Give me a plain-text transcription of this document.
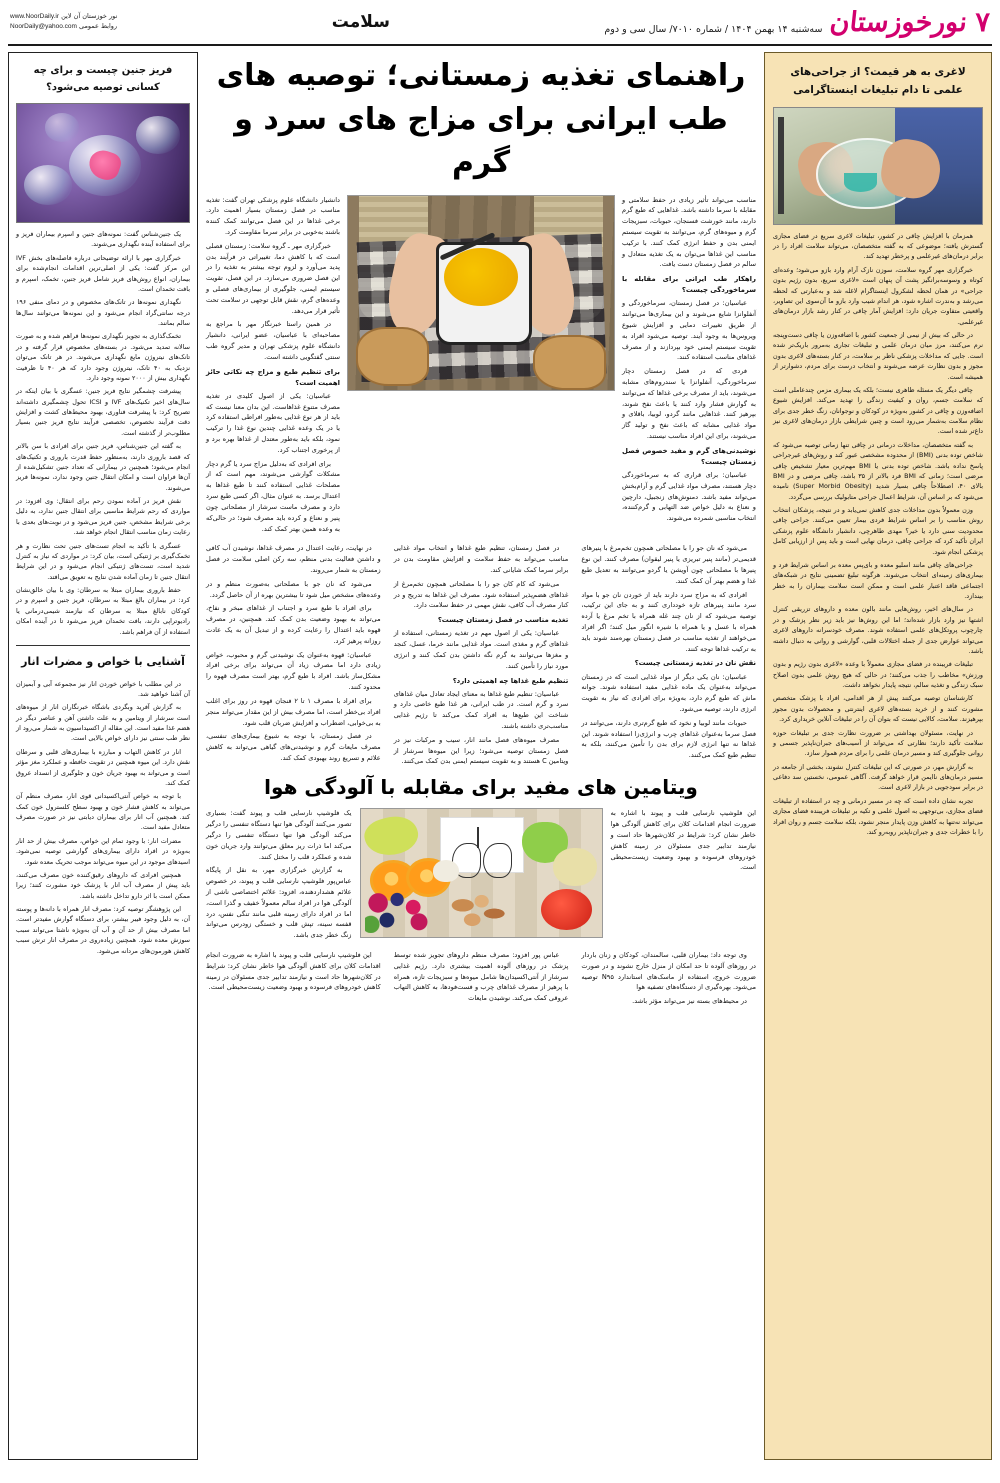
۷
نورخوزستان
سه‌شنبه ۱۴ بهمن ۱۴۰۴ / شماره ۷۰۱۰/ سال سی و دوم
سلامت
نور خوزستان آن لاین www.NoorDaily.ir
روابط عمومی NoorDaily@yahoo.com
لاغری به هر قیمت؟ از جراحی‌های علمی تا دام تبلیغات اینستاگرامی

همزمان با افزایش چاقی در کشور، تبلیغات لاغری سریع در فضای مجازی گسترش یافته؛ موضوعی که به گفته متخصصان، می‌تواند سلامت افراد را در برابر درمان‌های غیرعلمی و پرخطر تهدید کند.

خبرگزاری مهر گروه سلامت، سوزن نازک آرام وارد بازو می‌شود؛ وعده‌ای کوتاه و وسوسه‌برانگیز پشت آن پنهان است «لاغری سریع، بدون رژیم بدون جراحی» در همان لحظه لشکرول اینستاگرام لاغله شد و به‌عبارتی که لحظه می‌رشد و به‌ندرت اشاره شود، هر اندام شیب وارد بازو ما آن‌سوی این تصاویر، واقعیتی متفاوت جریان دارد: افزایش آمار چاقی در کنار رشد بازار درمان‌های غیرعلمی.

در حالی که بیش از نیمی از جمعیت کشور با اضافه‌وزن یا چاقی دست‌وپنجه نرم می‌کنند، مرز میان درمان علمی و تبلیغات تجاری به‌مرور باریک‌تر شده است. جایی که مداخلات پزشکی ناظر بر سلامت، در کنار بسته‌های لاغری بدون مجوز و بدون نظارت عرضه می‌شوند و انتخاب درست برای مردم، دشوارتر از همیشه است.

چاقی دیگر یک مسئله ظاهری نیست؛ بلکه یک بیماری مزمن چندعاملی است که سلامت جسم، روان و کیفیت زندگی را تهدید می‌کند. افزایش شیوع اضافه‌وزن و چاقی در کشور به‌ویژه در کودکان و نوجوانان، زنگ خطر جدی برای نظام سلامت به‌شمار می‌رود است و چنین شرایطی بازار درمان‌های لاغری نیز داغ‌تر شده است.

به گفته متخصصان، مداخلات درمانی در چاقی تنها زمانی توصیه می‌شود که شاخص توده بدنی (BMI) از محدوده مشخصی عبور کند و روش‌های غیرجراحی پاسخ نداده باشد. شاخص توده بدنی یا BMI مهم‌ترین معیار تشخیص چاقی مرضی است؛ زمانی که BMI فرد بالاتر از ۳۵ باشد، چاقی مرضی و در BMI بالای ۴۰، اصطلاحاً چاقی بسیار شدید (Super Morbid Obesity) نامیده می‌شود که بر اساس آن، شرایط اعمال جراحی متابولیک بررسی می‌گردد.

وزن معمولاً بدون مداخلات جدی کاهش نمی‌یابد و در نتیجه، پزشکان انتخاب روش مناسب را بر اساس شرایط فردی بیمار تعیین می‌کنند. جراحی چاقی محدودیت سنی دارد یا خیر؟ مهدی طاهرچی، دانشیار دانشگاه علوم پزشکی ایران تأکید کرد که جراحی چاقی، درمان نهایی است و باید پس از ارزیابی کامل پزشکی انجام شود.

جراحی‌های چاقی مانند اسلیو معده و بای‌پس معده بر اساس شرایط فرد و بیماری‌های زمینه‌ای انتخاب می‌شوند. هرگونه تبلیغ تضمینی نتایج در شبکه‌های اجتماعی فاقد اعتبار علمی است و ممکن است سلامت بیماران را به خطر بیندازد.

در سال‌های اخیر، روش‌هایی مانند بالون معده و داروهای تزریقی کنترل اشتها نیز وارد بازار شده‌اند؛ اما این روش‌ها نیز باید زیر نظر پزشک و در چارچوب پروتکل‌های علمی استفاده شوند. مصرف خودسرانه داروهای لاغری می‌تواند عوارض جدی از جمله اختلالات قلبی، گوارشی و روانی به دنبال داشته باشد.

تبلیغات فریبنده در فضای مجازی معمولاً با وعده «لاغری بدون رژیم و بدون ورزش» مخاطب را جذب می‌کنند؛ در حالی که هیچ روش علمی بدون اصلاح سبک زندگی و تغذیه سالم، نتیجه پایدار نخواهد داشت.

کارشناسان توصیه می‌کنند پیش از هر اقدامی، افراد با پزشک متخصص مشورت کنند و از خرید بسته‌های لاغری اینترنتی و محصولات بدون مجوز بپرهیزند. سلامت، کالایی نیست که بتوان آن را در تبلیغات آنلاین خریداری کرد.

در نهایت، مسئولان بهداشتی بر ضرورت نظارت جدی بر تبلیغات حوزه سلامت تأکید دارند؛ نظارتی که می‌تواند از آسیب‌های جبران‌ناپذیر جسمی و روانی جلوگیری کند و مسیر درمان علمی را برای مردم هموار سازد.

به گزارش مهر، در صورتی که این تبلیغات کنترل نشوند، بخشی از جامعه در مسیر درمان‌های ناایمن قرار خواهد گرفت. آگاهی عمومی، نخستین سد دفاعی در برابر سودجویی در بازار لاغری است.

تجربه نشان داده است که چه در مسیر درمانی و چه در استفاده از تبلیغات فضای مجازی، بی‌توجهی به اصول علمی و تکیه بر تبلیغات فریبنده فضای مجازی می‌تواند نه‌تنها به کاهش وزن پایدار منجر نشود، بلکه سلامت جسم و روان افراد را با خطرات جدی و جبران‌ناپذیر روبه‌رو کند.

راهنمای تغذیه زمستانی؛ توصیه های طب ایرانی برای مزاج های سرد و گرم

مناسب می‌تواند تأثیر زیادی در حفظ سلامتی و مقابله با سرما داشته باشد. غذاهایی که طبع گرم دارند، مانند خورشت فسنجان، حبوبات، سبزیجات گرم و میوه‌های گرم، می‌توانند به تقویت سیستم ایمنی بدن و حفظ انرژی کمک کنند. با ترکیب مناسب این غذاها می‌توان به یک تغذیه متعادل و سالم در فصل زمستان دست یافت.

راهکار طب ایرانی برای مقابله با سرماخوردگی چیست؟

عباسیان: در فصل زمستان، سرماخوردگی و آنفلوانزا شایع می‌شوند و این بیماری‌ها می‌توانند از طریق تغییرات دمایی و افزایش شیوع ویروس‌ها به وجود آیند. توصیه می‌شود افراد به تقویت سیستم ایمنی خود بپردازند و از مصرف غذاهای مناسب استفاده کنند.

فردی که در فصل زمستان دچار سرماخوردگی، آنفلوانزا یا سندروم‌های مشابه می‌شوند، باید از مصرف برخی غذاها که می‌توانند به گوارش فشار وارد کنند یا باعث نفخ شوند، بپرهیز کنند. غذاهایی مانند گردو، لوبیا، باقلای و مواد غذایی مشابه که باعث نفخ و تولید گاز می‌شوند، برای این افراد مناسب نیستند.

نوشیدنی‌های گرم و مفید خصوص فصل زمستان چیست؟

عباسیان: برای قراری که به سرماخوردگی دچار هستند، مصرف مواد غذایی گرم و آرام‌بخش می‌تواند مفید باشد. دمنوش‌های زنجبیل، دارچین و نعناع به دلیل خواص ضد التهابی و گرم‌کننده، انتخاب مناسبی شمرده می‌شوند.

دانشیار دانشگاه علوم پزشکی تهران گفت: تغذیه مناسب در فصل زمستان بسیار اهمیت دارد. برخی غذاها در این فصل می‌توانند کمک کننده باشند به‌خوبی در برابر سرما مقاومت کرد.

خبرگزاری مهر ـ گروه سلامت: زمستان فصلی است که با کاهش دما، تغییراتی در فرآیند بدن پدید می‌آورد و لزوم توجه بیشتر به تغذیه را در این فصل ضروری می‌سازد. در این فصل، تقویت سیستم ایمنی، جلوگیری از بیماری‌های فصلی و وعده‌های گرم، نقش قابل توجهی در سلامت تحت تأثیر قرار می‌دهد.

در همین راستا خبرنگار مهر با مراجع به مصاحبه‌ای با عباسیان، عضو ایرانی، دانشیار دانشگاه علوم پزشکی تهران و مدیر گروه طب سنتی گفتگویی داشته است.

برای تنظیم طبع و مزاج چه نکاتی حائز اهمیت است؟

عباسیان: یکی از اصول کلیدی در تغذیه مصرف متنوع غذاهاست. این بدان معنا نیست که باید از هر نوع غذایی به‌طور افراطی استفاده کرد یا در یک وعده غذایی چندین نوع غذا را ترکیب نمود، بلکه باید به‌طور معتدل از غذاها بهره برد و از پرخوری اجتناب کرد.

برای افرادی که به‌دلیل مزاج سرد یا گرم دچار مشکلات گوارشی می‌شوند، مهم است که از مصلحات غذایی استفاده کنند تا طبع غذاها به اعتدال برسد. به عنوان مثال، اگر کسی طبع سرد دارد و مصرف ماست سرشار از مصلحاتی چون پنیر و نعناع و کرده باید مصرف شود؛ در حالی‌که به وعده همین بهتر کمک کند.

می‌شود که نان جو را با مصلحاتی همچون تخم‌مرغ با پنیرهای قدیمی‌تر (مانند پنیر تبریزی یا پنیر لیقوان) مصرف کنند. این نوع پنیرها با مصلحاتی چون آویشن یا گردو می‌توانند به تعدیل طبع غذا و هضم بهتر آن کمک کنند.

افرادی که به مزاج سرد دارند باید از خوردن نان جو با مواد سرد مانند پنیرهای تازه خودداری کنند و به جای این ترکیب، توصیه می‌شود که از نان چند غله همراه با تخم مرغ یا آرده همراه با عسل و یا همراه با شیره انگور میل کنند؛ اگر افراد می‌خواهند از تغذیه مناسب در فصل زمستان بهره‌مند شوند باید به ترکیب غذاها توجه کنند.

نقش نان در تغذیه زمستانی چیست؟

عباسیان: نان یکی دیگر از مواد غذایی است که در زمستان می‌تواند به‌عنوان یک ماده غذایی مفید استفاده شوند. جوانه ماش که طبع گرم دارد، به‌ویژه برای افرادی که نیاز به تقویت انرژی دارند، توصیه می‌شود.

حبوبات مانند لوبیا و نخود که طبع گرم‌تری دارند، می‌توانند در فصل سرما به‌عنوان غذاهای چرب و انرژی‌زا استفاده شوند. این غذاها نه تنها انرژی لازم برای بدن را تأمین می‌کنند، بلکه به تنظیم طبع کمک می‌کنند.

در فصل زمستان، تنظیم طبع غذاها و انتخاب مواد غذایی مناسب می‌تواند به حفظ سلامت و افزایش مقاومت بدن در برابر سرما کمک شایانی کند.

می‌شود که کام کان جو را با مصلحاتی همچون تخم‌مرغ از غذاهای هضم‌پذیر استفاده شود. مصرف این غذاها به تدریج و در کنار مصرف آب کافی، نقش مهمی در حفظ سلامت دارد.

تغذیه مناسب در فصل زمستان چیست؟

عباسیان: یکی از اصول مهم در تغذیه زمستانی، استفاده از غذاهای گرم و مغذی است. مواد غذایی مانند خرما، عسل، کنجد و مغزها می‌توانند به گرم نگه داشتن بدن کمک کنند و انرژی مورد نیاز را تأمین کنند.

تنظیم طبع غذاها چه اهمیتی دارد؟

عباسیان: تنظیم طبع غذاها به معنای ایجاد تعادل میان غذاهای سرد و گرم است. در طب ایرانی، هر غذا طبع خاصی دارد و شناخت این طبع‌ها به افراد کمک می‌کند تا رژیم غذایی مناسب‌تری داشته باشند.

مصرف میوه‌های فصل مانند انار، سیب و مرکبات نیز در فصل زمستان توصیه می‌شود؛ زیرا این میوه‌ها سرشار از ویتامین C هستند و به تقویت سیستم ایمنی بدن کمک می‌کنند.

در نهایت، رعایت اعتدال در مصرف غذاها، نوشیدن آب کافی و داشتن فعالیت بدنی منظم، سه رکن اصلی سلامت در فصل زمستان به شمار می‌روند.

می‌شود که نان جو با مصلحاتی به‌صورت منظم و در وعده‌های مشخص میل شود تا بیشترین بهره از آن حاصل گردد.

برای افراد با طبع سرد و اجتناب از غذاهای مبخر و نفاخ، می‌تواند به بهبود وضعیت بدن کمک کند. همچنین، در مصرف قهوه باید اعتدال را رعایت کرده و از تبدیل آن به یک عادت روزانه پرهیز کرد.

عباسیان: قهوه به‌عنوان یک نوشیدنی گرم و محبوب، خواص زیادی دارد اما مصرف زیاد آن می‌تواند برای برخی افراد مشکل‌ساز باشد. افراد با طبع گرم، بهتر است مصرف قهوه را محدود کنند.

برای افراد با مصرف ۱ تا ۲ فنجان قهوه در روز برای اغلب افراد بی‌خطر است، اما مصرف بیش از این مقدار می‌تواند منجر به بی‌خوابی، اضطراب و افزایش ضربان قلب شود.

در فصل زمستان، با توجه به شیوع بیماری‌های تنفسی، مصرف مایعات گرم و نوشیدنی‌های گیاهی می‌تواند به کاهش علائم و تسریع روند بهبودی کمک کند.

ویتامین های مفید برای مقابله با آلودگی هوا

این فلوشیپ نارسایی قلب و پیوند با اشاره به ضرورت انجام اقدامات کلان برای کاهش آلودگی هوا خاطر نشان کرد: شرایط در کلان‌شهرها حاد است و نیازمند تدابیر جدی مسئولان در زمینه کاهش خودروهای فرسوده و بهبود وضعیت زیست‌محیطی است.

یک فلوشیپ نارسایی قلب و پیوند گفت: بسیاری تصور می‌کنند آلودگی هوا تنها دستگاه تنفسی را درگیر می‌کند آلودگی هوا تنها دستگاه تنفسی را درگیر می‌کند اما ذرات ریز معلق می‌توانند وارد جریان خون شده و عملکرد قلب را مختل کنند.

به گزارش خبرگزاری مهر، به نقل از پایگاه عباس‌پور فلوشیپ نارسایی قلب و پیوند، در خصوص علائم هشداردهنده، افزود: علائم اختصاصی ناشی از آلودگی هوا در افراد سالم معمولاً خفیف و گذرا است، اما در افراد دارای زمینه قلبی مانند تنگی نفس، درد قفسه سینه، تپش قلب و خستگی زودرس می‌تواند زنگ خطر جدی باشد.

وی توجه داد: بیماران قلبی، سالمندان، کودکان و زنان باردار در روزهای آلوده تا حد امکان از منزل خارج نشوند و در صورت ضرورت خروج، استفاده از ماسک‌های استاندارد N۹۵ توصیه می‌شود. بهره‌گیری از دستگاه‌های تصفیه هوا

در محیط‌های بسته نیز می‌تواند مؤثر باشد.

عباس پور افزود: مصرف منظم داروهای تجویز شده توسط پزشک در روزهای آلوده اهمیت بیشتری دارد. رژیم غذایی سرشار از آنتی‌اکسیدان‌ها شامل میوه‌ها و سبزیجات تازه، همراه با پرهیز از مصرف غذاهای چرب و فست‌فودها، به کاهش التهاب عروقی کمک می‌کند. نوشیدن مایعات

این فلوشیپ نارسایی قلب و پیوند با اشاره به ضرورت انجام اقدامات کلان برای کاهش آلودگی هوا خاطر نشان کرد: شرایط در کلان‌شهرها حاد است و نیازمند تدابیر جدی مسئولان در زمینه کاهش خودروهای فرسوده و بهبود وضعیت زیست‌محیطی است.

فریز جنین چیست و برای چه کسانی توصیه می‌شود؟

یک جنین‌شناس گفت: نمونه‌های جنین و اسپرم بیماران فریز و برای استفاده آینده نگهداری می‌شوند.

خبرگزاری مهر با ارائه توضیحاتی درباره فاصله‌های بخش IVF این مرکز گفت: یکی از اصلی‌ترین اقدامات انجام‌شده برای بیماران، انواع روش‌های فریز شامل فریز جنین، تخمک، اسپرم و بافت تخمدان است.

نگهداری نمونه‌ها در تانک‌های مخصوص و در دمای منفی ۱۹۶ درجه سانتی‌گراد انجام می‌شود و این نمونه‌ها می‌توانند سال‌ها سالم بمانند.

تخمک‌گذاری به تجویز نگهداری نمونه‌ها فراهم شده و به صورت سالانه تمدید می‌شود. در بسته‌های مخصوص قرار گرفته و در تانک‌های نیتروژن مایع نگهداری می‌شوند. در هر تانک می‌توان نزدیک به ۴۰ تانک، نیتروژن وجود دارد که هر ۴۰ تا ظرفیت نگهداری بیش از ۲۰۰۰ نمونه وجود دارد.

پیشرفت چشمگیر نتایج فریز جنین: عسگری با بیان اینکه در سال‌های اخیر تکنیک‌های IVF و ICSI تحول چشمگیری داشته‌اند تصریح کرد: با پیشرفت فناوری، بهبود محیط‌های کشت و افزایش دقت فرآیند نخصوص، تخصصی فرآیند نتایج فریز جنین بسیار مطلوب‌تر از گذشته است.

به گفته این جنین‌شناس، فریز جنین برای افرادی با سن بالاتر که قصد باروری دارند، به‌منظور حفظ قدرت باروری و تکنیک‌های انجام می‌شود؛ همچنین در بیمارانی که تعداد جنین تشکیل‌شده از آن‌ها فراوان است و امکان انتقال جنین وجود ندارد، نمونه‌ها فریز می‌شوند.

نقش فریز در آماده نمودن رحم برای انتقال: وی افزود: در مواردی که رحم شرایط مناسبی برای انتقال جنین ندارد، به دلیل برخی شرایط مشخص، جنین فریز می‌شود و در نوبت‌های بعدی با رعایت زمان مناسب انتقال انجام خواهد شد.

عسگری با تأکید به انجام تست‌های جنین تحت نظارت و هر تخمک‌گیری بر ژنتیکی است، بیان کرد: در مواردی که نیاز به کنترل شدید است، تست‌های ژنتیکی انجام می‌شود و در این شرایط انتقال جنین تا زمان آماده شدن نتایج به تعویق می‌افتد.

حفظ باروری بیماران مبتلا به سرطان: وی با بیان خالق‌نشان کرد: در بیماران بالغ مبتلا به سرطان، فریز جنین و اسپرم و در کودکان نابالغ مبتلا به سرطان که نیازمند شیمی‌درمانی یا رادیوتراپی دارند، بافت تخمدان فریز می‌شود تا در آینده امکان استفاده از آن فراهم باشد.

آشنایی با خواص و مضرات انار

در این مطلب با خواص خوردن انار نیز مجموعه آبی و آبمیزان آن آشنا خواهید شد.

به گزارش آفرید وبگردی باشگاه خبرنگاران انار از میوه‌های است سرشار از ویتامین و به علت داشتن آهن و عناصر دیگر در هضم غذا مفید است. این مقاله از اکسیداسیون به شمار می‌رود از نظر طب سنتی نیز دارای خواص بالایی است.

انار در کاهش التهاب و مبارزه با بیماری‌های قلبی و سرطان نقش دارد. این میوه همچنین در تقویت حافظه و عملکرد مغز مؤثر است و می‌تواند به بهبود جریان خون و جلوگیری از انسداد عروق کمک کند.

با توجه به خواص آنتی‌اکسیدانی قوی انار، مصرف منظم آن می‌تواند به کاهش فشار خون و بهبود سطح کلسترول خون کمک کند. همچنین آب انار برای بیماران دیابتی نیز در صورت مصرف متعادل مفید است.

مضرات انار: با وجود تمام این خواص، مصرف بیش از حد انار به‌ویژه در افراد دارای بیماری‌های گوارشی توصیه نمی‌شود. اسیدهای موجود در این میوه می‌تواند موجب تحریک معده شود.

همچنین افرادی که داروهای رقیق‌کننده خون مصرف می‌کنند، باید پیش از مصرف آب انار با پزشک خود مشورت کنند؛ زیرا ممکن است با اثر دارو تداخل داشته باشد.

این پژوهشگر توصیه کرد: مصرف انار همراه با دانه‌ها و پوسته آن، به دلیل وجود فیبر بیشتر، برای دستگاه گوارش مفیدتر است. اما مصرف بیش از حد آن و آب آن به‌ویژه ناشتا می‌تواند سبب سوزش معده شود. همچنین زیاده‌روی در مصرف انار ترش سبب کاهش هورمون‌های مردانه می‌شود.
